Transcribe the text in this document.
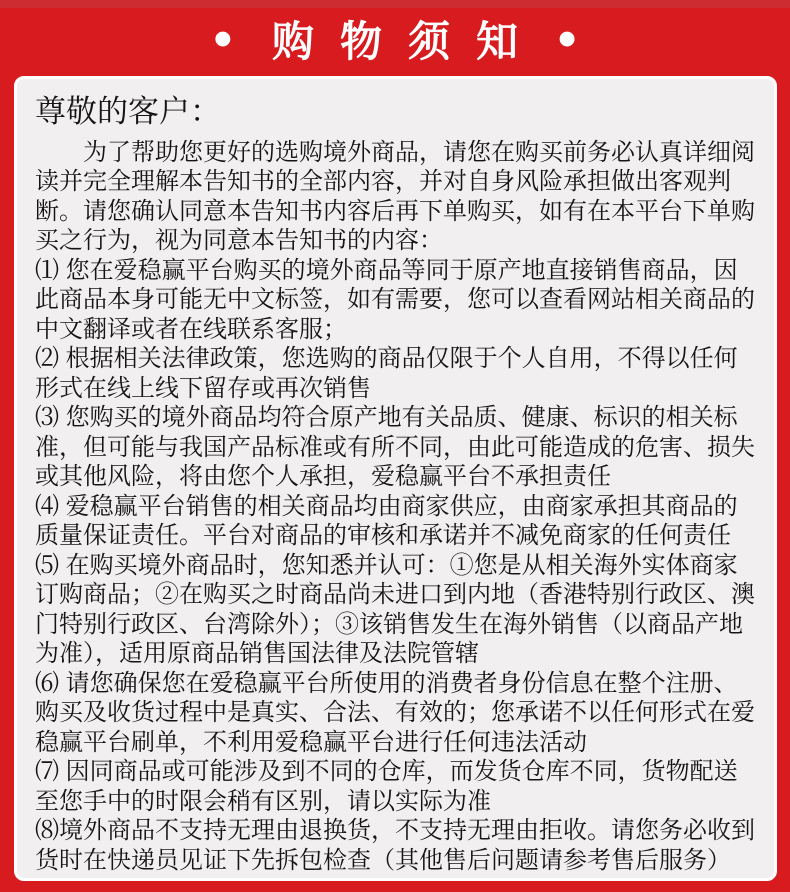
• 购物须知 •
尊敬的客户：

为了帮助您更好的选购境外商品，请您在购买前务必认真详细阅读并完全理解本告知书的全部内容，并对自身风险承担做出客观判断。请您确认同意本告知书内容后再下单购买，如有在本平台下单购买之行为，视为同意本告知书的内容：

⑴ 您在爱稳赢平台购买的境外商品等同于原产地直接销售商品，因此商品本身可能无中文标签，如有需要，您可以查看网站相关商品的中文翻译或者在线联系客服；

⑵ 根据相关法律政策，您选购的商品仅限于个人自用，不得以任何形式在线上线下留存或再次销售

⑶ 您购买的境外商品均符合原产地有关品质、健康、标识的相关标准，但可能与我国产品标准或有所不同，由此可能造成的危害、损失或其他风险，将由您个人承担，爱稳赢平台不承担责任

⑷ 爱稳赢平台销售的相关商品均由商家供应，由商家承担其商品的质量保证责任。平台对商品的审核和承诺并不减免商家的任何责任

⑸ 在购买境外商品时，您知悉并认可：①您是从相关海外实体商家订购商品；②在购买之时商品尚未进口到内地（香港特别行政区、澳门特别行政区、台湾除外）；③该销售发生在海外销售（以商品产地为准），适用原商品销售国法律及法院管辖

⑹ 请您确保您在爱稳赢平台所使用的消费者身份信息在整个注册、购买及收货过程中是真实、合法、有效的；您承诺不以任何形式在爱稳赢平台刷单，不利用爱稳赢平台进行任何违法活动

⑺ 因同商品或可能涉及到不同的仓库，而发货仓库不同，货物配送至您手中的时限会稍有区别，请以实际为准

⑻境外商品不支持无理由退换货，不支持无理由拒收。请您务必收到货时在快递员见证下先拆包检查（其他售后问题请参考售后服务）
